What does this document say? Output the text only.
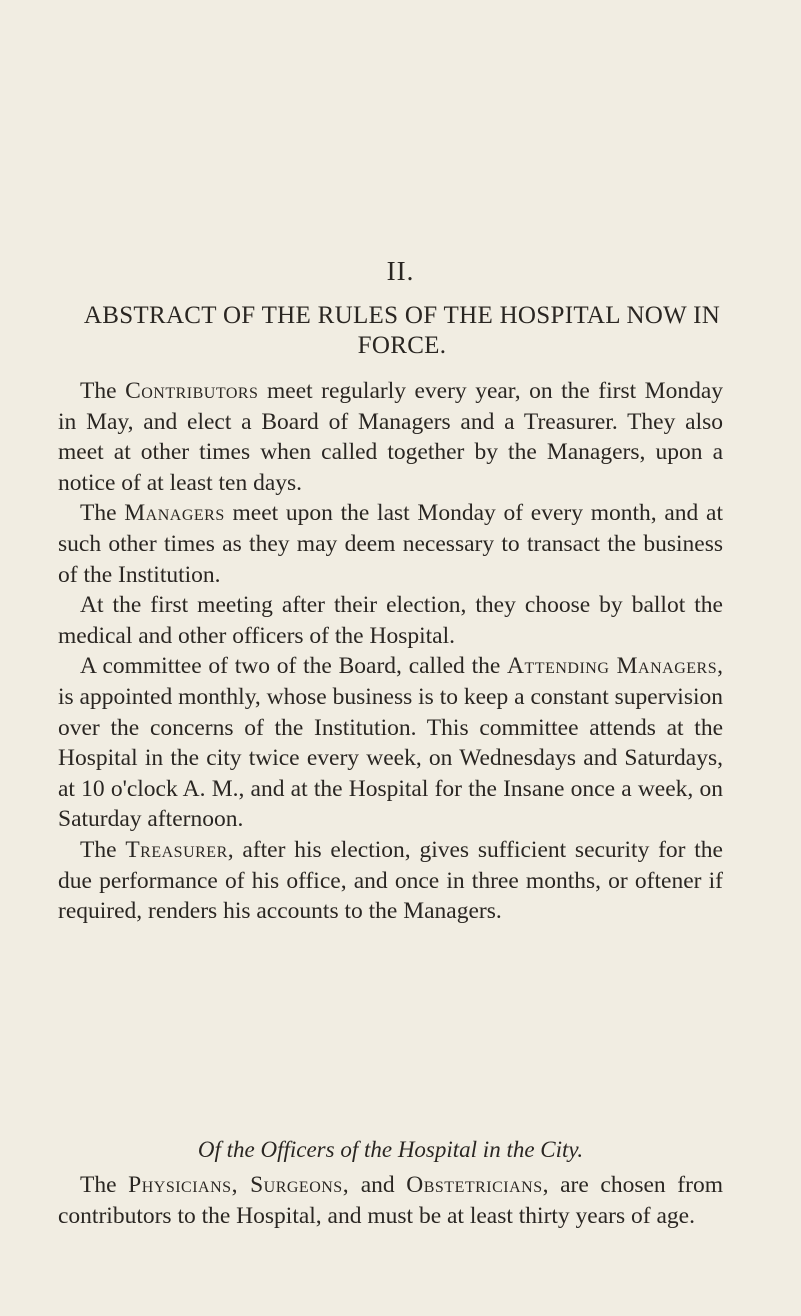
II.
ABSTRACT OF THE RULES OF THE HOSPITAL NOW IN FORCE.

The Contributors meet regularly every year, on the first Monday in May, and elect a Board of Managers and a Treasurer. They also meet at other times when called together by the Managers, upon a notice of at least ten days.

The Managers meet upon the last Monday of every month, and at such other times as they may deem necessary to transact the business of the Institution.

At the first meeting after their election, they choose by ballot the medical and other officers of the Hospital.

A committee of two of the Board, called the Attending Managers, is appointed monthly, whose business is to keep a constant supervision over the concerns of the Institution. This committee attends at the Hospital in the city twice every week, on Wednesdays and Saturdays, at 10 o'clock A. M., and at the Hospital for the Insane once a week, on Saturday afternoon.

The Treasurer, after his election, gives sufficient security for the due performance of his office, and once in three months, or oftener if required, renders his accounts to the Managers.

Of the Officers of the Hospital in the City.

The Physicians, Surgeons, and Obstetricians, are chosen from contributors to the Hospital, and must be at least thirty years of age.
